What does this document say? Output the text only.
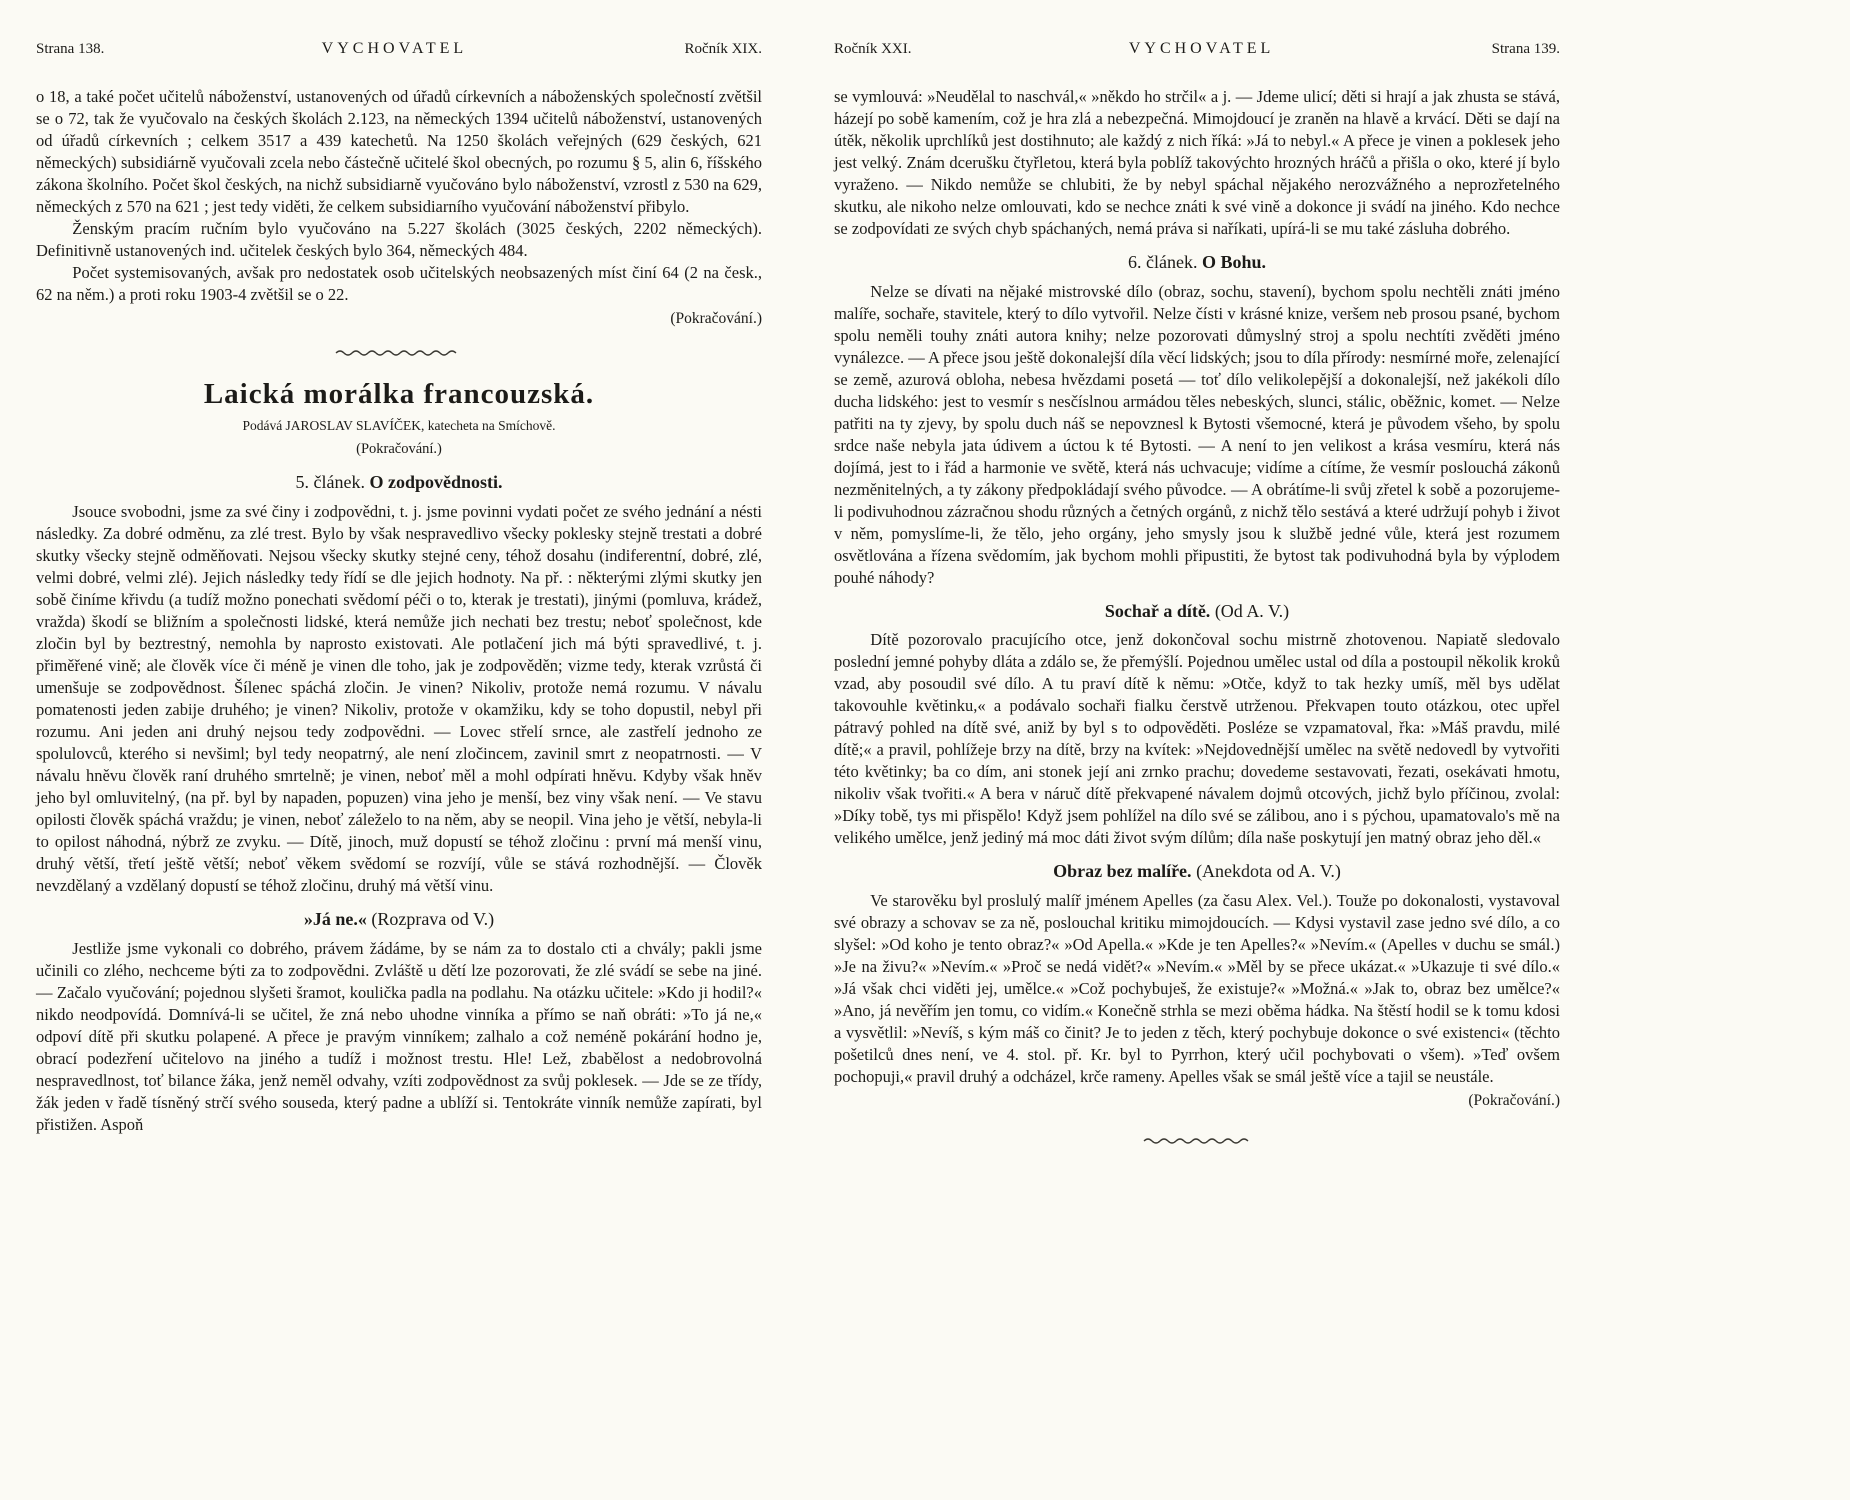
Strana 138.	VYCHOVATEL	Ročník XIX.

o 18, a také počet učitelů náboženství, ustanovených od úřadů církevních a náboženských společností zvětšil se o 72, tak že vyučovalo na českých školách 2.123, na německých 1394 učitelů náboženství, ustanovených od úřadů církevních ; celkem 3517 a 439 katechetů. Na 1250 školách veřejných (629 českých, 621 německých) subsidiárně vyučovali zcela nebo částečně učitelé škol obecných, po rozumu § 5, alin 6, říšského zákona školního. Počet škol českých, na nichž subsidiarně vyučováno bylo náboženství, vzrostl z 530 na 629, německých z 570 na 621 ; jest tedy viděti, že celkem subsidiarního vyučování náboženství přibylo.

Ženským pracím ručním bylo vyučováno na 5.227 školách (3025 českých, 2202 německých). Definitivně ustanovených ind. učitelek českých bylo 364, německých 484.

Počet systemisovaných, avšak pro nedostatek osob učitelských neobsazených míst činí 64 (2 na česk., 62 na něm.) a proti roku 1903-4 zvětšil se o 22.

(Pokračování.)

Laická morálka francouzská.

Podává JAROSLAV SLAVÍČEK, katecheta na Smíchově.

(Pokračování.)

5. článek. O zodpovědnosti.

Jsouce svobodni, jsme za své činy i zodpovědni, t. j. jsme povinni vydati počet ze svého jednání a nésti následky. Za dobré odměnu, za zlé trest. Bylo by však nespravedlivo všecky poklesky stejně trestati a dobré skutky všecky stejně odměňovati. Nejsou všecky skutky stejné ceny, téhož dosahu (indiferentní, dobré, zlé, velmi dobré, velmi zlé). Jejich následky tedy řídí se dle jejich hodnoty. Na př. : některými zlými skutky jen sobě činíme křivdu (a tudíž možno ponechati svědomí péči o to, kterak je trestati), jinými (pomluva, krádež, vražda) škodí se bližním a společnosti lidské, která nemůže jich nechati bez trestu; neboť společnost, kde zločin byl by beztrestný, nemohla by naprosto existovati. Ale potlačení jich má býti spravedlivé, t. j. přiměřené vině; ale člověk více či méně je vinen dle toho, jak je zodpověděn; vizme tedy, kterak vzrůstá či umenšuje se zodpovědnost. Šílenec spáchá zločin. Je vinen? Nikoliv, protože nemá rozumu. V návalu pomatenosti jeden zabije druhého; je vinen? Nikoliv, protože v okamžiku, kdy se toho dopustil, nebyl při rozumu. Ani jeden ani druhý nejsou tedy zodpovědni. — Lovec střelí srnce, ale zastřelí jednoho ze spolulovců, kterého si nevšiml; byl tedy neopatrný, ale není zločincem, zavinil smrt z neopatrnosti. — V návalu hněvu člověk raní druhého smrtelně; je vinen, neboť měl a mohl odpírati hněvu. Kdyby však hněv jeho byl omluvitelný, (na př. byl by napaden, popuzen) vina jeho je menší, bez viny však není. — Ve stavu opilosti člověk spáchá vraždu; je vinen, neboť záleželo to na něm, aby se neopil. Vina jeho je větší, nebyla-li to opilost náhodná, nýbrž ze zvyku. — Dítě, jinoch, muž dopustí se téhož zločinu : první má menší vinu, druhý větší, třetí ještě větší; neboť věkem svědomí se rozvíjí, vůle se stává rozhodnější. — Člověk nevzdělaný a vzdělaný dopustí se téhož zločinu, druhý má větší vinu.

»Já ne.« (Rozprava od V.)

Jestliže jsme vykonali co dobrého, právem žádáme, by se nám za to dostalo cti a chvály; pakli jsme učinili co zlého, nechceme býti za to zodpovědni. Zvláště u dětí lze pozorovati, že zlé svádí se sebe na jiné. — Začalo vyučování; pojednou slyšeti šramot, koulička padla na podlahu. Na otázku učitele: »Kdo ji hodil?« nikdo neodpovídá. Domnívá-li se učitel, že zná nebo uhodne vinníka a přímo se naň obráti: »To já ne,« odpoví dítě při skutku polapené. A přece je pravým vinníkem; zalhalo a což neméně pokárání hodno je, obrací podezření učitelovo na jiného a tudíž i možnost trestu. Hle! Lež, zbabělost a nedobrovolná nespravedlnost, toť bilance žáka, jenž neměl odvahy, vzíti zodpovědnost za svůj poklesek. — Jde se ze třídy, žák jeden v řadě tísněný strčí svého souseda, který padne a ublíží si. Tentokráte vinník nemůže zapírati, byl přistižen. Aspoň

Ročník XXI.	VYCHOVATEL	Strana 139.

se vymlouvá: »Neudělal to naschvál,« »někdo ho strčil« a j. — Jdeme ulicí; děti si hrají a jak zhusta se stává, házejí po sobě kamením, což je hra zlá a nebezpečná. Mimojdoucí je zraněn na hlavě a krvácí. Děti se dají na útěk, několik uprchlíků jest dostihnuto; ale každý z nich říká: »Já to nebyl.« A přece je vinen a poklesek jeho jest velký. Znám dcerušku čtyřletou, která byla poblíž takovýchto hrozných hráčů a přišla o oko, které jí bylo vyraženo. — Nikdo nemůže se chlubiti, že by nebyl spáchal nějakého nerozvážného a neprozřetelného skutku, ale nikoho nelze omlouvati, kdo se nechce znáti k své vině a dokonce ji svádí na jiného. Kdo nechce se zodpovídati ze svých chyb spáchaných, nemá práva si naříkati, upírá-li se mu také zásluha dobrého.

6. článek. O Bohu.

Nelze se dívati na nějaké mistrovské dílo (obraz, sochu, stavení), bychom spolu nechtěli znáti jméno malíře, sochaře, stavitele, který to dílo vytvořil. Nelze čísti v krásné knize, veršem neb prosou psané, bychom spolu neměli touhy znáti autora knihy; nelze pozorovati důmyslný stroj a spolu nechtíti zvěděti jméno vynálezce. — A přece jsou ještě dokonalejší díla věcí lidských; jsou to díla přírody: nesmírné moře, zelenající se země, azurová obloha, nebesa hvězdami posetá — toť dílo velikolepější a dokonalejší, než jakékoli dílo ducha lidského: jest to vesmír s nesčíslnou armádou těles nebeských, slunci, stálic, oběžnic, komet. — Nelze patřiti na ty zjevy, by spolu duch náš se nepovznesl k Bytosti všemocné, která je původem všeho, by spolu srdce naše nebyla jata údivem a úctou k té Bytosti. — A není to jen velikost a krása vesmíru, která nás dojímá, jest to i řád a harmonie ve světě, která nás uchvacuje; vidíme a cítíme, že vesmír poslouchá zákonů nezměnitelných, a ty zákony předpokládají svého původce. — A obrátíme-li svůj zřetel k sobě a pozorujeme-li podivuhodnou zázračnou shodu různých a četných orgánů, z nichž tělo sestává a které udržují pohyb i život v něm, pomyslíme-li, že tělo, jeho orgány, jeho smysly jsou k službě jedné vůle, která jest rozumem osvětlována a řízena svědomím, jak bychom mohli připustiti, že bytost tak podivuhodná byla by výplodem pouhé náhody?

Sochař a dítě. (Od A. V.)

Dítě pozorovalo pracujícího otce, jenž dokončoval sochu mistrně zhotovenou. Napiatě sledovalo poslední jemné pohyby dláta a zdálo se, že přemýšlí. Pojednou umělec ustal od díla a postoupil několik kroků vzad, aby posoudil své dílo. A tu praví dítě k němu: »Otče, když to tak hezky umíš, měl bys udělat takovouhle květinku,« a podávalo sochaři fialku čerstvě utrženou. Překvapen touto otázkou, otec upřel pátravý pohled na dítě své, aniž by byl s to odpověděti. Posléze se vzpamatoval, řka: »Máš pravdu, milé dítě;« a pravil, pohlížeje brzy na dítě, brzy na kvítek: »Nejdovednější umělec na světě nedovedl by vytvořiti této květinky; ba co dím, ani stonek její ani zrnko prachu; dovedeme sestavovati, řezati, osekávati hmotu, nikoliv však tvořiti.« A bera v náruč dítě překvapené návalem dojmů otcových, jichž bylo příčinou, zvolal: »Díky tobě, tys mi přispělo! Když jsem pohlížel na dílo své se zálibou, ano i s pýchou, upamatovalo's mě na velikého umělce, jenž jediný má moc dáti život svým dílům; díla naše poskytují jen matný obraz jeho děl.«

Obraz bez malíře. (Anekdota od A. V.)

Ve starověku byl proslulý malíř jménem Apelles (za času Alex. Vel.). Touže po dokonalosti, vystavoval své obrazy a schovav se za ně, poslouchal kritiku mimojdoucích. — Kdysi vystavil zase jedno své dílo, a co slyšel: »Od koho je tento obraz?« »Od Apella.« »Kde je ten Apelles?« »Nevím.« (Apelles v duchu se smál.) »Je na živu?« »Nevím.« »Proč se nedá vidět?« »Nevím.« »Měl by se přece ukázat.« »Ukazuje ti své dílo.« »Já však chci viděti jej, umělce.« »Což pochybuješ, že existuje?« »Možná.« »Jak to, obraz bez umělce?« »Ano, já nevěřím jen tomu, co vidím.« Konečně strhla se mezi oběma hádka. Na štěstí hodil se k tomu kdosi a vysvětlil: »Nevíš, s kým máš co činit? Je to jeden z těch, který pochybuje dokonce o své existenci« (těchto pošetilců dnes není, ve 4. stol. př. Kr. byl to Pyrrhon, který učil pochybovati o všem). »Teď ovšem pochopuji,« pravil druhý a odcházel, krče rameny. Apelles však se smál ještě více a tajil se neustále.

(Pokračování.)
